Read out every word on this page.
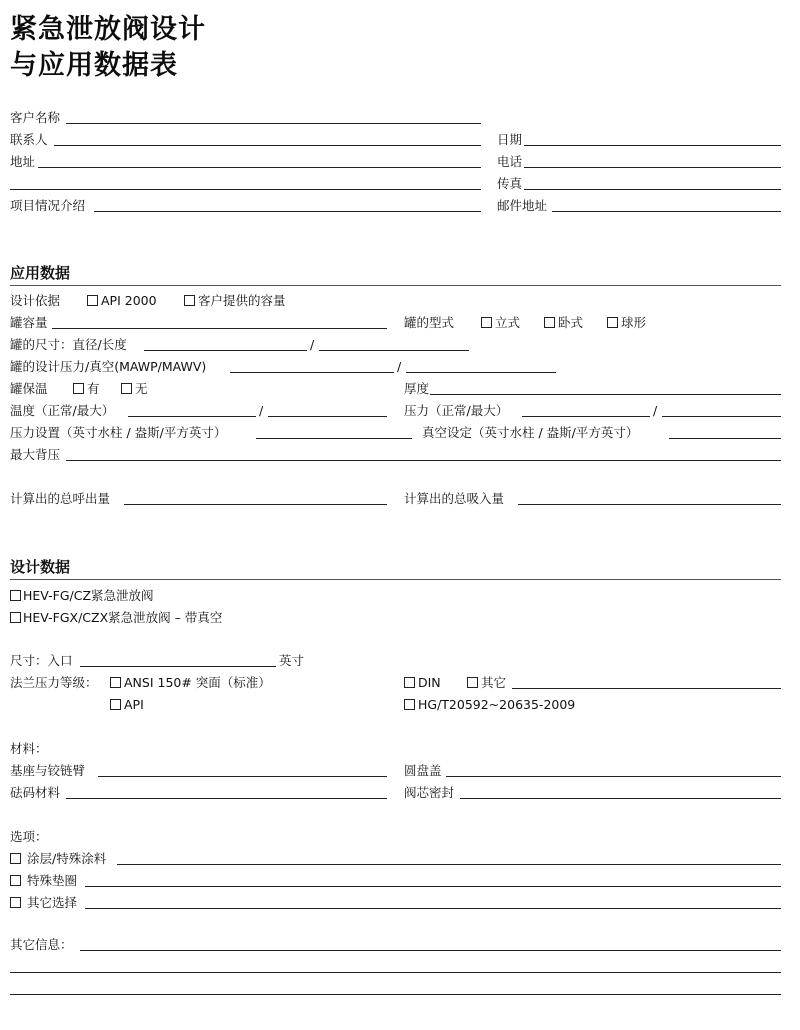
紧急泄放阀设计
与应用数据表
客户名称
联系人	日期
地址	电话
传真
项目情况介绍	邮件地址
应用数据
设计依据	API 2000	客户提供的容量
罐容量	罐的型式	立式	卧式	球形
罐的尺寸：直径/长度	/
罐的设计压力/真空(MAWP/MAWV)	/
罐保温	有	无	厚度
温度（正常/最大）	/	压力（正常/最大）	/
压力设置（英寸水柱 / 盎斯/平方英寸）	真空设定（英寸水柱 / 盎斯/平方英寸）
最大背压
计算出的总呼出量	计算出的总吸入量
设计数据
HEV-FG/CZ紧急泄放阀
HEV-FGX/CZX紧急泄放阀 – 带真空
尺寸：入口	英寸
法兰压力等级： ANSI 150# 突面（标准）	DIN	其它
API	HG/T20592~20635-2009
材料：
基座与铰链臂	圆盘盖
砝码材料	阀芯密封
选项：
涂层/特殊涂料
特殊垫圈
其它选择
其它信息：
